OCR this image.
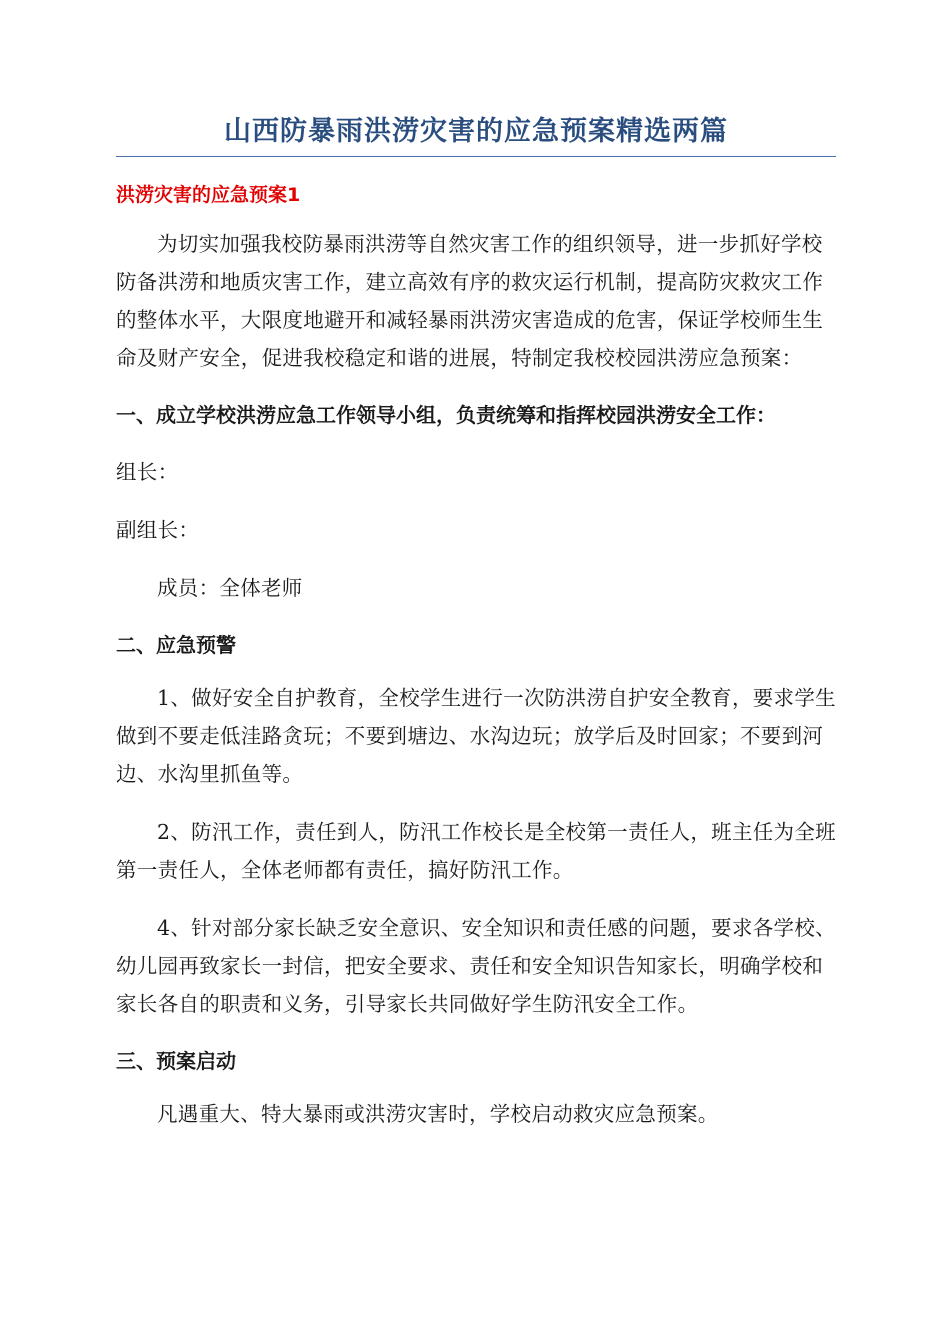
山西防暴雨洪涝灾害的应急预案精选两篇
洪涝灾害的应急预案1

为切实加强我校防暴雨洪涝等自然灾害工作的组织领导，进一步抓好学校防备洪涝和地质灾害工作，建立高效有序的救灾运行机制，提高防灾救灾工作的整体水平，大限度地避开和减轻暴雨洪涝灾害造成的危害，保证学校师生生命及财产安全，促进我校稳定和谐的进展，特制定我校校园洪涝应急预案：

一、成立学校洪涝应急工作领导小组，负责统筹和指挥校园洪涝安全工作：

组长：

副组长：

成员：全体老师

二、应急预警

1、做好安全自护教育，全校学生进行一次防洪涝自护安全教育，要求学生做到不要走低洼路贪玩；不要到塘边、水沟边玩；放学后及时回家；不要到河边、水沟里抓鱼等。

2、防汛工作，责任到人，防汛工作校长是全校第一责任人，班主任为全班第一责任人，全体老师都有责任，搞好防汛工作。

4、针对部分家长缺乏安全意识、安全知识和责任感的问题，要求各学校、幼儿园再致家长一封信，把安全要求、责任和安全知识告知家长，明确学校和家长各自的职责和义务，引导家长共同做好学生防汛安全工作。

三、预案启动

凡遇重大、特大暴雨或洪涝灾害时，学校启动救灾应急预案。
